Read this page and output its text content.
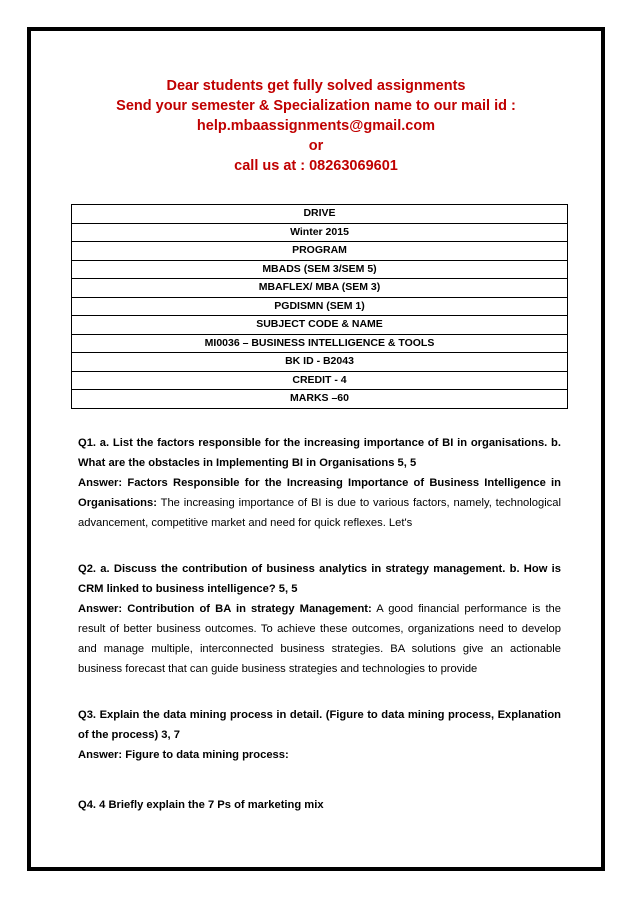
Dear students get fully solved assignments
Send your semester & Specialization name to our mail id :
help.mbaassignments@gmail.com
or
call us at : 08263069601
DRIVE
Winter 2015
PROGRAM
MBADS (SEM 3/SEM 5)
MBAFLEX/ MBA (SEM 3)
PGDISMN (SEM 1)
SUBJECT CODE & NAME
MI0036 – BUSINESS INTELLIGENCE & TOOLS
BK ID - B2043
CREDIT - 4
MARKS –60

Q1. a. List the factors responsible for the increasing importance of BI in organisations. b. What are the obstacles in Implementing BI in Organisations 5, 5

Answer: Factors Responsible for the Increasing Importance of Business Intelligence in Organisations: The increasing importance of BI is due to various factors, namely, technological advancement, competitive market and need for quick reflexes. Let's

Q2. a. Discuss the contribution of business analytics in strategy management. b. How is CRM linked to business intelligence? 5, 5

Answer: Contribution of BA in strategy Management: A good financial performance is the result of better business outcomes. To achieve these outcomes, organizations need to develop and manage multiple, interconnected business strategies. BA solutions give an actionable business forecast that can guide business strategies and technologies to provide

Q3. Explain the data mining process in detail. (Figure to data mining process, Explanation of the process) 3, 7

Answer: Figure to data mining process:

Q4. 4 Briefly explain the 7 Ps of marketing mix
